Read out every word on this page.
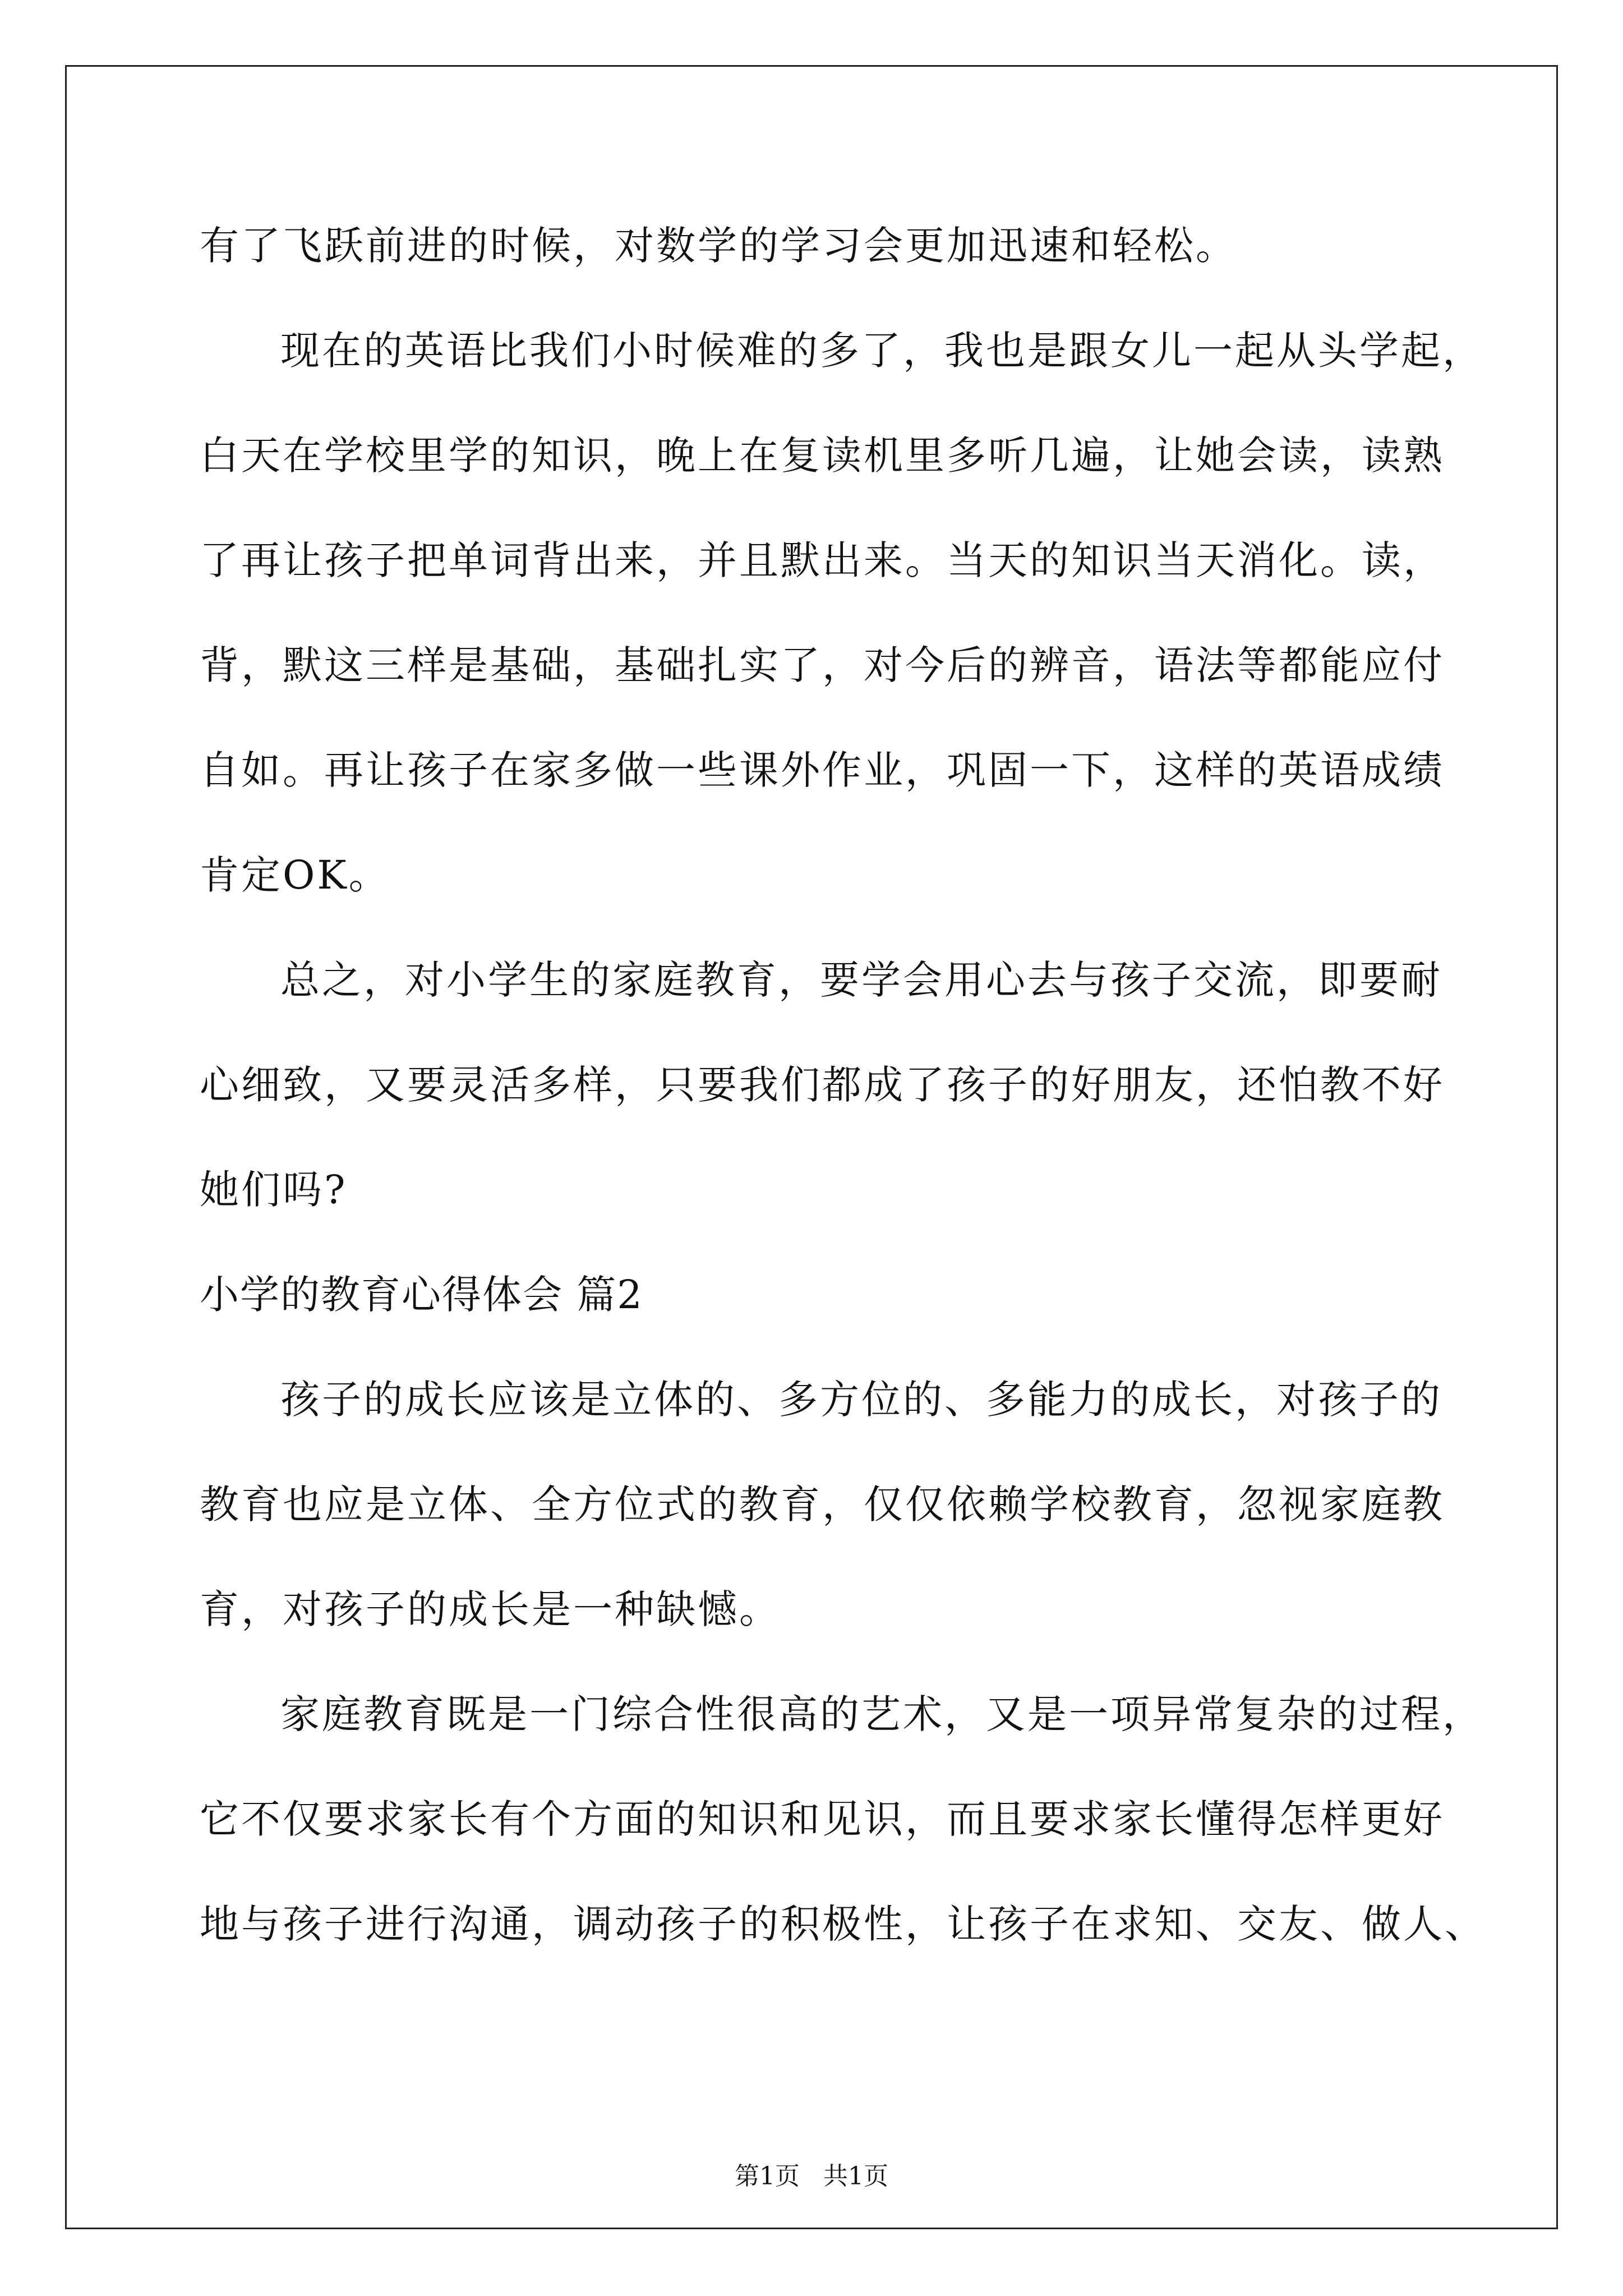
有了飞跃前进的时候，对数学的学习会更加迅速和轻松。
现在的英语比我们小时候难的多了，我也是跟女儿一起从头学起，
白天在学校里学的知识，晚上在复读机里多听几遍，让她会读，读熟
了再让孩子把单词背出来，并且默出来。当天的知识当天消化。读，
背，默这三样是基础，基础扎实了，对今后的辨音，语法等都能应付
自如。再让孩子在家多做一些课外作业，巩固一下，这样的英语成绩
肯定OK。
总之，对小学生的家庭教育，要学会用心去与孩子交流，即要耐
心细致，又要灵活多样，只要我们都成了孩子的好朋友，还怕教不好
她们吗?
小学的教育心得体会 篇2
孩子的成长应该是立体的、多方位的、多能力的成长，对孩子的
教育也应是立体、全方位式的教育，仅仅依赖学校教育，忽视家庭教
育，对孩子的成长是一种缺憾。
家庭教育既是一门综合性很高的艺术，又是一项异常复杂的过程，
它不仅要求家长有个方面的知识和见识，而且要求家长懂得怎样更好
地与孩子进行沟通，调动孩子的积极性，让孩子在求知、交友、做人、
第1页   共1页
